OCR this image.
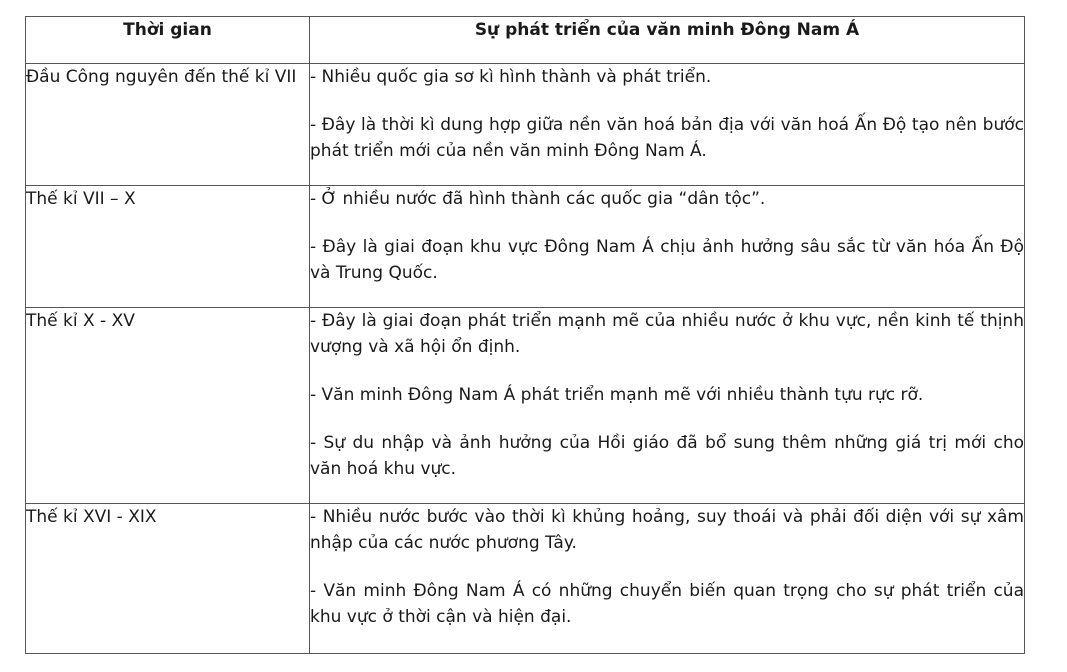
Thời gian	Sự phát triển của văn minh Đông Nam Á
Đầu Công nguyên đến thế kỉ VII	- Nhiều quốc gia sơ kì hình thành và phát triển.
- Đây là thời kì dung hợp giữa nền văn hoá bản địa với văn hoá Ấn Độ tạo nên bước phát triển mới của nền văn minh Đông Nam Á.

Thế kỉ VII – X	- Ở nhiều nước đã hình thành các quốc gia “dân tộc”.
- Đây là giai đoạn khu vực Đông Nam Á chịu ảnh hưởng sâu sắc từ văn hóa Ấn Độ và Trung Quốc.

Thế kỉ X - XV	- Đây là giai đoạn phát triển mạnh mẽ của nhiều nước ở khu vực, nền kinh tế thịnh vượng và xã hội ổn định.
- Văn minh Đông Nam Á phát triển mạnh mẽ với nhiều thành tựu rực rỡ.
- Sự du nhập và ảnh hưởng của Hồi giáo đã bổ sung thêm những giá trị mới cho văn hoá khu vực.

Thế kỉ XVI - XIX	- Nhiều nước bước vào thời kì khủng hoảng, suy thoái và phải đối diện với sự xâm nhập của các nước phương Tây.
- Văn minh Đông Nam Á có những chuyển biến quan trọng cho sự phát triển của khu vực ở thời cận và hiện đại.
